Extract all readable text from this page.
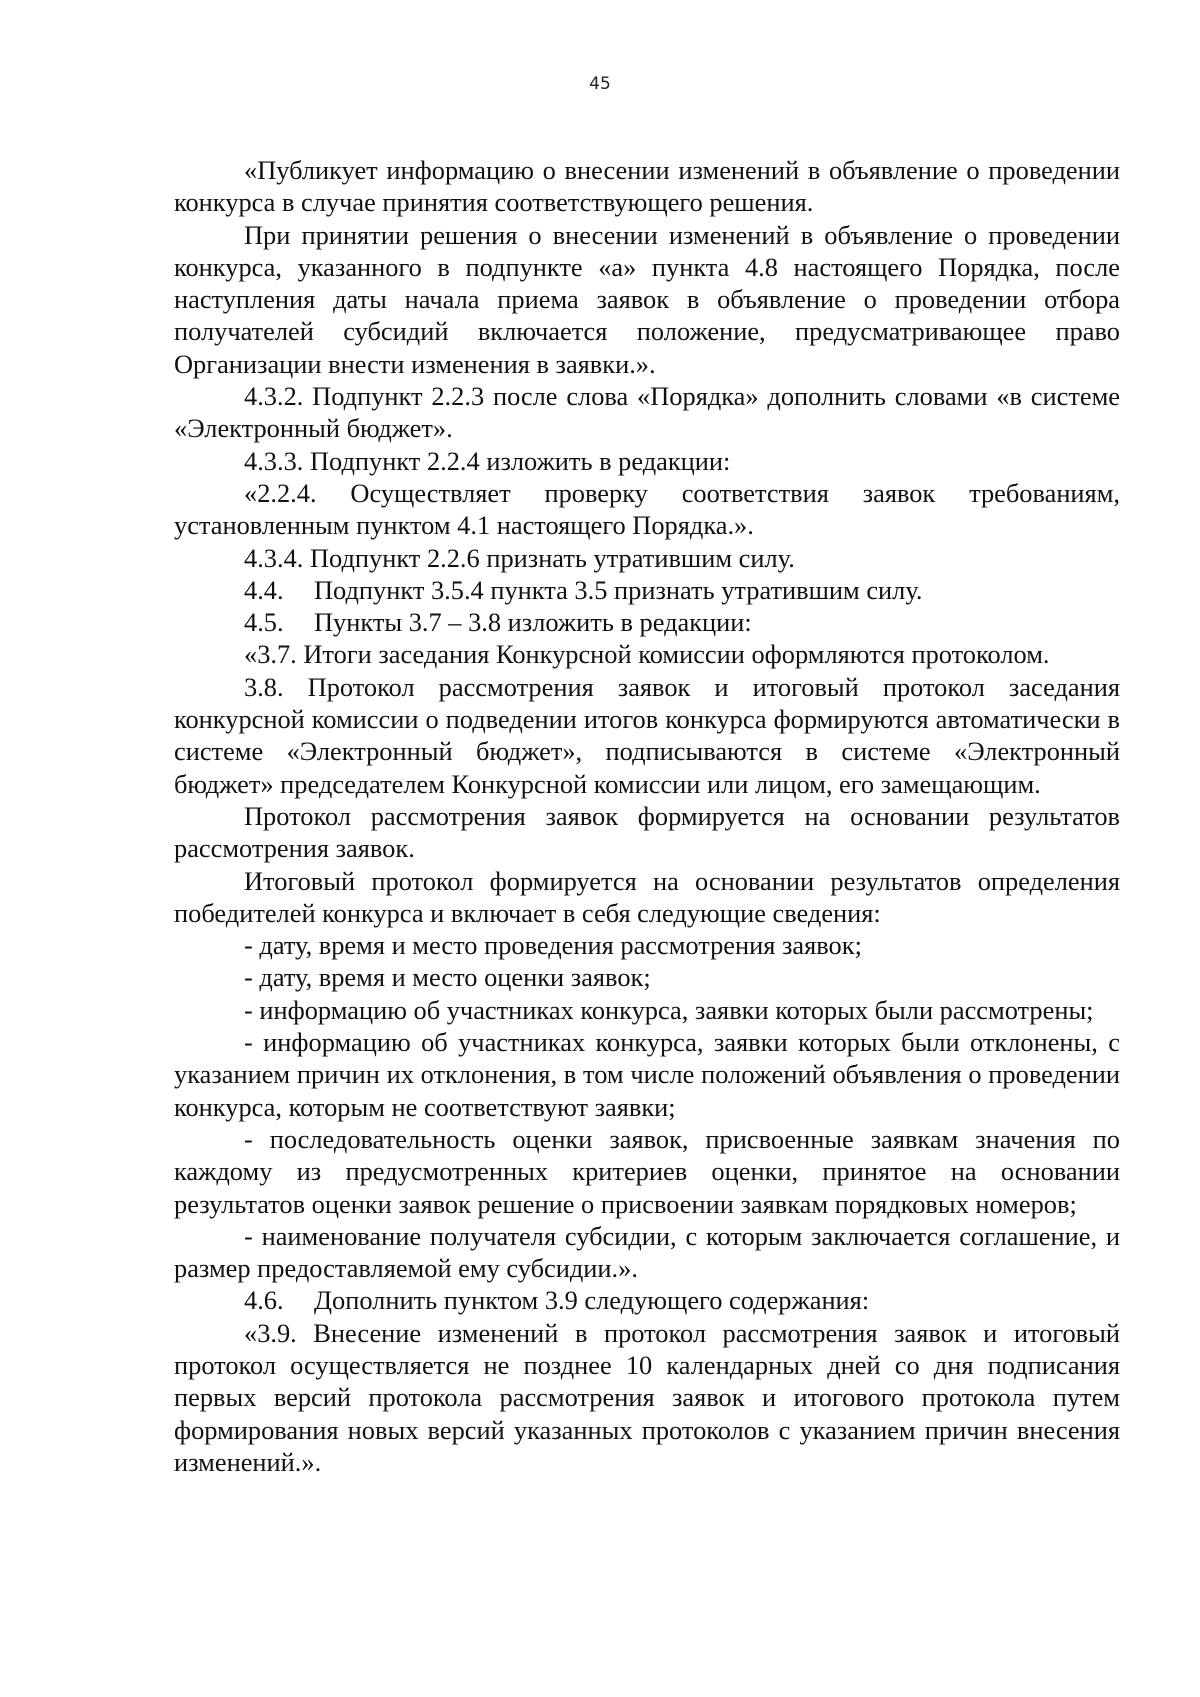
45

«Публикует информацию о внесении изменений в объявление о проведении конкурса в случае принятия соответствующего решения.

При принятии решения о внесении изменений в объявление о проведении конкурса, указанного в подпункте «а» пункта 4.8 настоящего Порядка, после наступления даты начала приема заявок в объявление о проведении отбора получателей субсидий включается положение, предусматривающее право Организации внести изменения в заявки.».

4.3.2. Подпункт 2.2.3 после слова «Порядка» дополнить словами «в системе «Электронный бюджет».

4.3.3. Подпункт 2.2.4 изложить в редакции:

«2.2.4. Осуществляет проверку соответствия заявок требованиям, установленным пунктом 4.1 настоящего Порядка.».

4.3.4. Подпункт 2.2.6 признать утратившим силу.

4.4.	Подпункт 3.5.4 пункта 3.5 признать утратившим силу.

4.5.	Пункты 3.7 – 3.8 изложить в редакции:

«3.7. Итоги заседания Конкурсной комиссии оформляются протоколом.

3.8. Протокол рассмотрения заявок и итоговый протокол заседания конкурсной комиссии о подведении итогов конкурса формируются автоматически в системе «Электронный бюджет», подписываются в системе «Электронный бюджет» председателем Конкурсной комиссии или лицом, его замещающим.

Протокол рассмотрения заявок формируется на основании результатов рассмотрения заявок.

Итоговый протокол формируется на основании результатов определения победителей конкурса и включает в себя следующие сведения:

- дату, время и место проведения рассмотрения заявок;

- дату, время и место оценки заявок;

- информацию об участниках конкурса, заявки которых были рассмотрены;

- информацию об участниках конкурса, заявки которых были отклонены, с указанием причин их отклонения, в том числе положений объявления о проведении конкурса, которым не соответствуют заявки;

- последовательность оценки заявок, присвоенные заявкам значения по каждому из предусмотренных критериев оценки, принятое на основании результатов оценки заявок решение о присвоении заявкам порядковых номеров;

- наименование получателя субсидии, с которым заключается соглашение, и размер предоставляемой ему субсидии.».

4.6.	Дополнить пунктом 3.9 следующего содержания:

«3.9. Внесение изменений в протокол рассмотрения заявок и итоговый протокол осуществляется не позднее 10 календарных дней со дня подписания первых версий протокола рассмотрения заявок и итогового протокола путем формирования новых версий указанных протоколов с указанием причин внесения изменений.».
